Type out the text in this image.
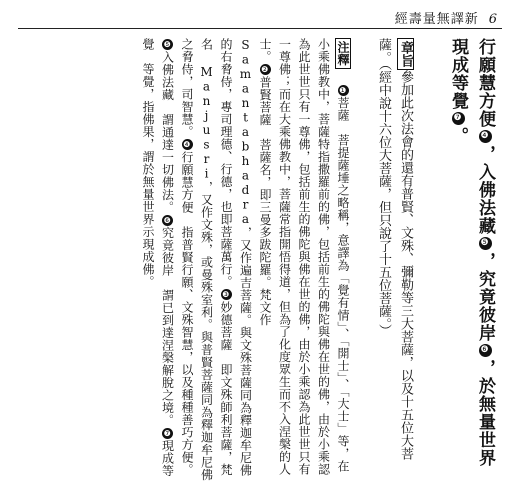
經壽量無譯新 6
行願慧方便❹，入佛法藏❺，究竟彼岸❻，於無量世界現成等覺❼。
章旨參加此次法會的還有普賢、文殊、彌勒等三大菩薩，以及十五位大菩薩。（經中說十六位大菩薩，但只說了十五位菩薩。）
注釋 ❶菩薩　菩提薩埵之略稱，意譯為「覺有情」、「開士」、「大士」等，在小乘佛教中，菩薩特指撒羅前的佛，包括前生的佛陀與佛在世的佛，由於小乘認為此世世只有一尊佛，包括前生的佛陀與佛在世的佛，由於小乘認為此世世只有一尊佛；而在大乘佛教中，菩薩常指開悟得道，但為了化度眾生而不入涅槃的人士。❷普賢菩薩　菩薩名，即三曼多跋陀羅。梵文作 Samantabhadra，又作遍吉菩薩。與文殊菩薩同為釋迦牟尼佛的右脅侍，專司理德、行德，也即菩薩萬行。❸妙德菩薩　即文殊師利菩薩，梵名 Manjusri，又作文殊，或曼殊室利。與普賢菩薩同為釋迦牟尼佛之脅侍，司智慧。❹行願慧方便　指普賢行願、文殊智慧，以及種種善巧方便。❺入佛法藏　謂通達一切佛法。❻究竟彼岸　謂已到達涅槃解脫之境。❼現成等覺　等覺，指佛果，謂於無量世界示現成佛。
